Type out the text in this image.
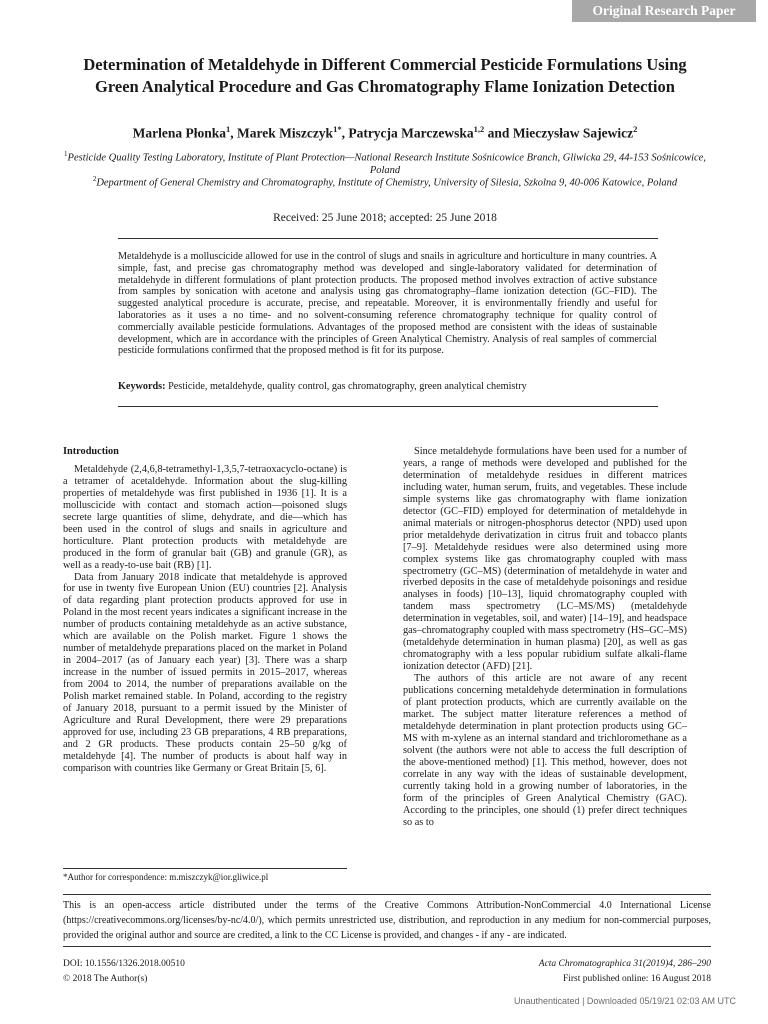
Original Research Paper
Determination of Metaldehyde in Different Commercial Pesticide Formulations Using Green Analytical Procedure and Gas Chromatography Flame Ionization Detection
Marlena Płonka$^1$, Marek Miszczyk$^{1*}$, Patrycja Marczewska$^{1,2}$ and Mieczysław Sajewicz$^2$
$^1$Pesticide Quality Testing Laboratory, Institute of Plant Protection—National Research Institute Sośnicowice Branch, Gliwicka 29, 44-153 Sośnicowice, Poland
$^2$Department of General Chemistry and Chromatography, Institute of Chemistry, University of Silesia, Szkolna 9, 40-006 Katowice, Poland
Received: 25 June 2018; accepted: 25 June 2018
Metaldehyde is a molluscicide allowed for use in the control of slugs and snails in agriculture and horticulture in many countries. A simple, fast, and precise gas chromatography method was developed and single-laboratory validated for determination of metaldehyde in different formulations of plant protection products. The proposed method involves extraction of active substance from samples by sonication with acetone and analysis using gas chromatography–flame ionization detection (GC–FID). The suggested analytical procedure is accurate, precise, and repeatable. Moreover, it is environmentally friendly and useful for laboratories as it uses a no time- and no solvent-consuming reference chromatography technique for quality control of commercially available pesticide formulations. Advantages of the proposed method are consistent with the ideas of sustainable development, which are in accordance with the principles of Green Analytical Chemistry. Analysis of real samples of commercial pesticide formulations confirmed that the proposed method is fit for its purpose.
Keywords: Pesticide, metaldehyde, quality control, gas chromatography, green analytical chemistry
Introduction

Metaldehyde (2,4,6,8-tetramethyl-1,3,5,7-tetraoxacyclo-octane) is a tetramer of acetaldehyde. Information about the slug-killing properties of metaldehyde was first published in 1936 [1]. It is a molluscicide with contact and stomach action—poisoned slugs secrete large quantities of slime, dehydrate, and die—which has been used in the control of slugs and snails in agriculture and horticulture. Plant protection products with metaldehyde are produced in the form of granular bait (GB) and granule (GR), as well as a ready-to-use bait (RB) [1].

Data from January 2018 indicate that metaldehyde is approved for use in twenty five European Union (EU) countries [2]. Analysis of data regarding plant protection products approved for use in Poland in the most recent years indicates a significant increase in the number of products containing metaldehyde as an active substance, which are available on the Polish market. Figure 1 shows the number of metaldehyde preparations placed on the market in Poland in 2004–2017 (as of January each year) [3]. There was a sharp increase in the number of issued permits in 2015–2017, whereas from 2004 to 2014, the number of preparations available on the Polish market remained stable. In Poland, according to the registry of January 2018, pursuant to a permit issued by the Minister of Agriculture and Rural Development, there were 29 preparations approved for use, including 23 GB preparations, 4 RB preparations, and 2 GR products. These products contain 25–50 g/kg of metaldehyde [4]. The number of products is about half way in comparison with countries like Germany or Great Britain [5, 6].

Since metaldehyde formulations have been used for a number of years, a range of methods were developed and published for the determination of metaldehyde residues in different matrices including water, human serum, fruits, and vegetables. These include simple systems like gas chromatography with flame ionization detector (GC–FID) employed for determination of metaldehyde in animal materials or nitrogen-phosphorus detector (NPD) used upon prior metaldehyde derivatization in citrus fruit and tobacco plants [7–9]. Metaldehyde residues were also determined using more complex systems like gas chromatography coupled with mass spectrometry (GC–MS) (determination of metaldehyde in water and riverbed deposits in the case of metaldehyde poisonings and residue analyses in foods) [10–13], liquid chromatography coupled with tandem mass spectrometry (LC–MS/MS) (metaldehyde determination in vegetables, soil, and water) [14–19], and headspace gas–chromatography coupled with mass spectrometry (HS–GC–MS) (metaldehyde determination in human plasma) [20], as well as gas chromatography with a less popular rubidium sulfate alkali-flame ionization detector (AFD) [21].

The authors of this article are not aware of any recent publications concerning metaldehyde determination in formulations of plant protection products, which are currently available on the market. The subject matter literature references a method of metaldehyde determination in plant protection products using GC–MS with m-xylene as an internal standard and trichloromethane as a solvent (the authors were not able to access the full description of the above-mentioned method) [1]. This method, however, does not correlate in any way with the ideas of sustainable development, currently taking hold in a growing number of laboratories, in the form of the principles of Green Analytical Chemistry (GAC). According to the principles, one should (1) prefer direct techniques so as to

*Author for correspondence: m.miszczyk@ior.gliwice.pl
This is an open-access article distributed under the terms of the Creative Commons Attribution-NonCommercial 4.0 International License (https://creativecommons.org/licenses/by-nc/4.0/), which permits unrestricted use, distribution, and reproduction in any medium for non-commercial purposes, provided the original author and source are credited, a link to the CC License is provided, and changes - if any - are indicated.
DOI: 10.1556/1326.2018.00510
© 2018 The Author(s)
Acta Chromatographica 31(2019)4, 286–290
First published online: 16 August 2018
Unauthenticated | Downloaded 05/19/21 02:03 AM UTC
